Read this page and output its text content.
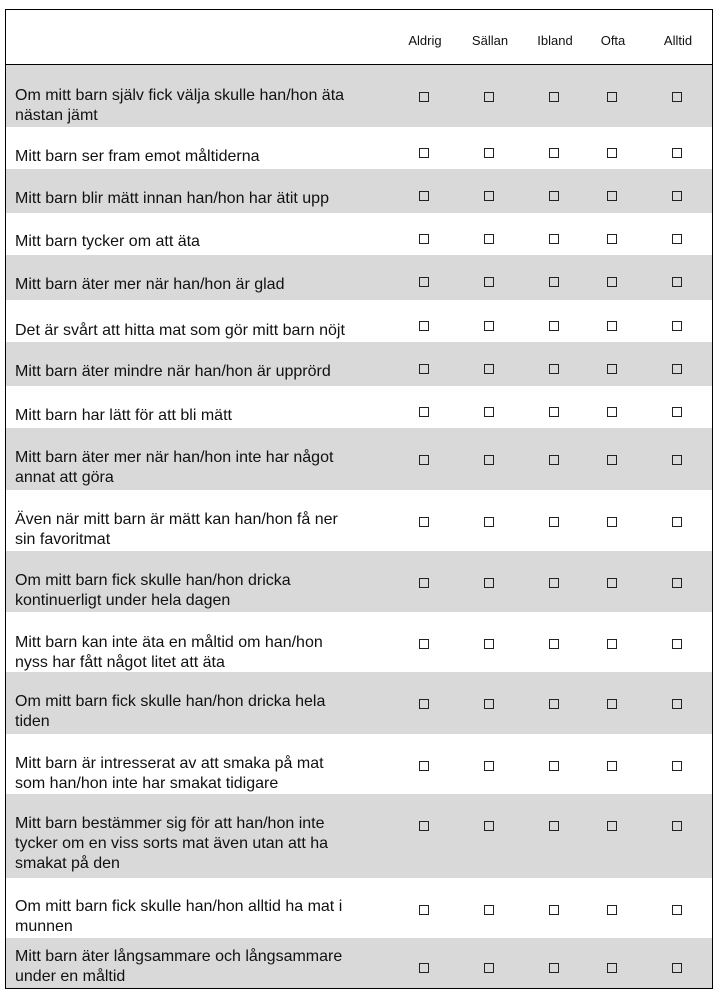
Aldrig Sällan Ibland Ofta	Alltid
Om mitt barn själv fick välja skulle han/hon äta
nästan jämt
Mitt barn ser fram emot måltiderna
Mitt barn blir mätt innan han/hon har ätit upp
Mitt barn tycker om att äta
Mitt barn äter mer när han/hon är glad
Det är svårt att hitta mat som gör mitt barn nöjt
Mitt barn äter mindre när han/hon är upprörd
Mitt barn har lätt för att bli mätt
Mitt barn äter mer när han/hon inte har något
annat att göra
Även när mitt barn är mätt kan han/hon få ner
sin favoritmat
Om mitt barn fick skulle han/hon dricka
kontinuerligt under hela dagen
Mitt barn kan inte äta en måltid om han/hon
nyss har fått något litet att äta
Om mitt barn fick skulle han/hon dricka hela
tiden
Mitt barn är intresserat av att smaka på mat
som han/hon inte har smakat tidigare
Mitt barn bestämmer sig för att han/hon inte
tycker om en viss sorts mat även utan att ha
smakat på den
Om mitt barn fick skulle han/hon alltid ha mat i
munnen
Mitt barn äter långsammare och långsammare
under en måltid
